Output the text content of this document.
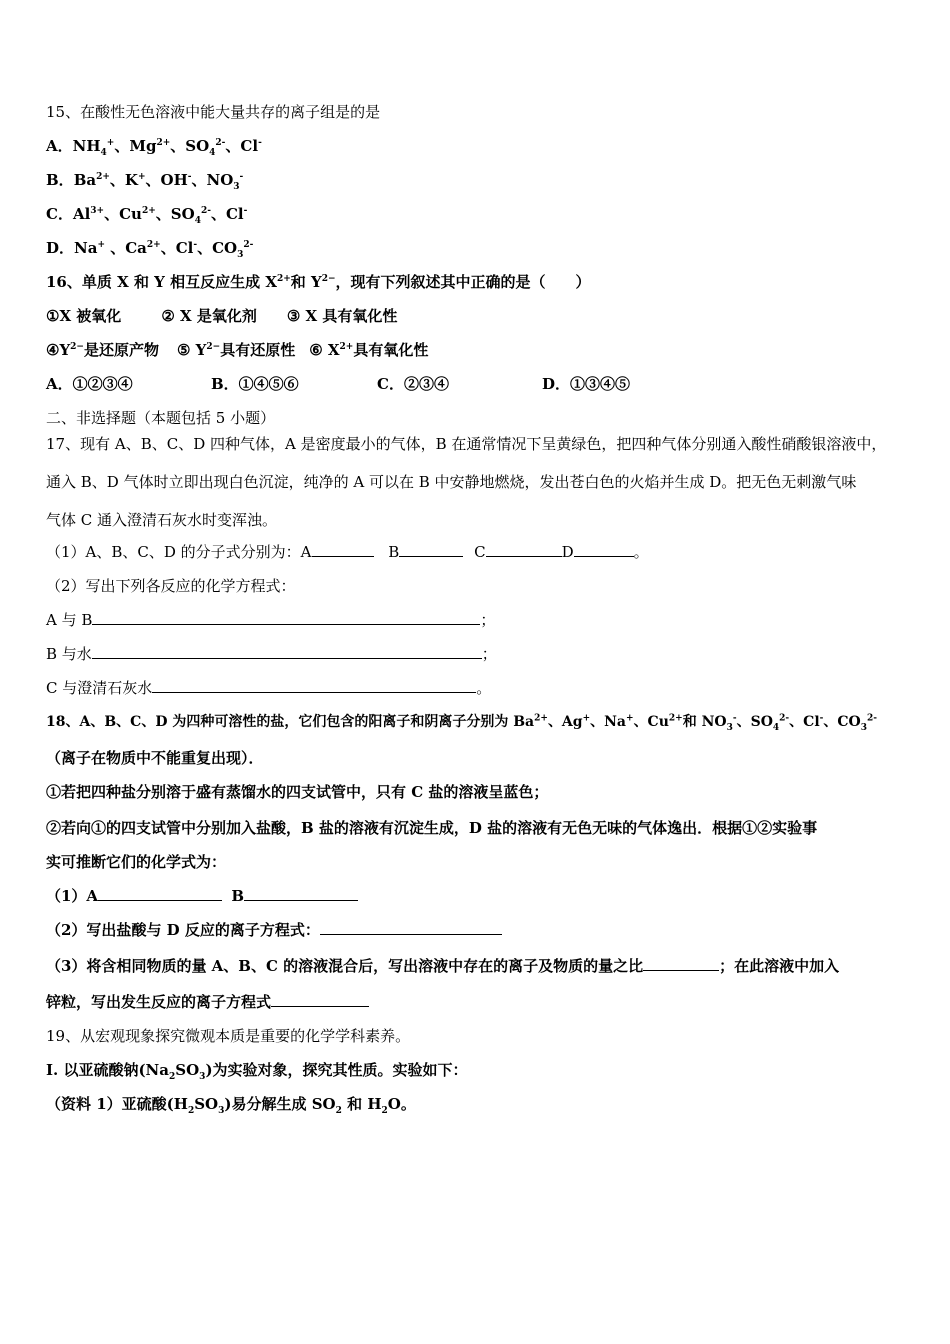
15、在酸性无色溶液中能大量共存的离子组是的是
A．$NH_4^+$、$Mg^{2+}$、$SO_4^{2-}$、Cl-
B．$Ba^{2+}$、K+、OH-、$NO_3^-$
C．$Al^{3+}$、$Cu^{2+}$、$SO_4^{2-}$、Cl-
D．Na+ 、$Ca^{2+}$、Cl-、$CO_3^{2-}$
16、单质 X 和 Y 相互反应生成 $X^{2+}$和 $Y^{2-}$，现有下列叙述其中正确的是（　　）
①X 被氧化	② X 是氧化剂 ③ X 具有氧化性
$④Y^{2-}$是还原产物 ⑤ $Y^{2-}$具有还原性 ⑥ $X^{2+}$具有氧化性
A．①②③④	B．①④⑤⑥	C．②③④	D．①③④⑤
二、非选择题（本题包括 5 小题）
17、现有 A、B、C、D 四种气体，A 是密度最小的气体，B 在通常情况下呈黄绿色，把四种气体分别通入酸性硝酸银溶液中，
通入 B、D 气体时立即出现白色沉淀，纯净的 A 可以在 B 中安静地燃烧，发出苍白色的火焰并生成 D。把无色无刺激气味
气体 C 通入澄清石灰水时变浑浊。
（1）A、B、C、D 的分子式分别为：A	B	C	D	。
（2）写出下列各反应的化学方程式：
A 与 B	；
B 与水	；
C 与澄清石灰水	。
18、A、B、C、D 为四种可溶性的盐，它们包含的阳离子和阴离子分别为 $Ba^{2+}$、Ag+、Na+、$Cu^{2+}$和 $NO_3^-$、$SO_4^{2-}$、Cl-、$CO_3^{2-}$
（离子在物质中不能重复出现）．
①若把四种盐分别溶于盛有蒸馏水的四支试管中，只有 C 盐的溶液呈蓝色；
②若向①的四支试管中分别加入盐酸，B 盐的溶液有沉淀生成，D 盐的溶液有无色无味的气体逸出．根据①②实验事
实可推断它们的化学式为：
（1）A	B
（2）写出盐酸与 D 反应的离子方程式：
（3）将含相同物质的量 A、B、C 的溶液混合后，写出溶液中存在的离子及物质的量之比	；在此溶液中加入
锌粒，写出发生反应的离子方程式
19、从宏观现象探究微观本质是重要的化学学科素养。
I. 以亚硫酸钠$(Na_2SO_3)$为实验对象，探究其性质。实验如下：
（资料 1）亚硫酸$(H_2SO_3)$易分解生成 $SO_2$ 和 $H_2O$。
